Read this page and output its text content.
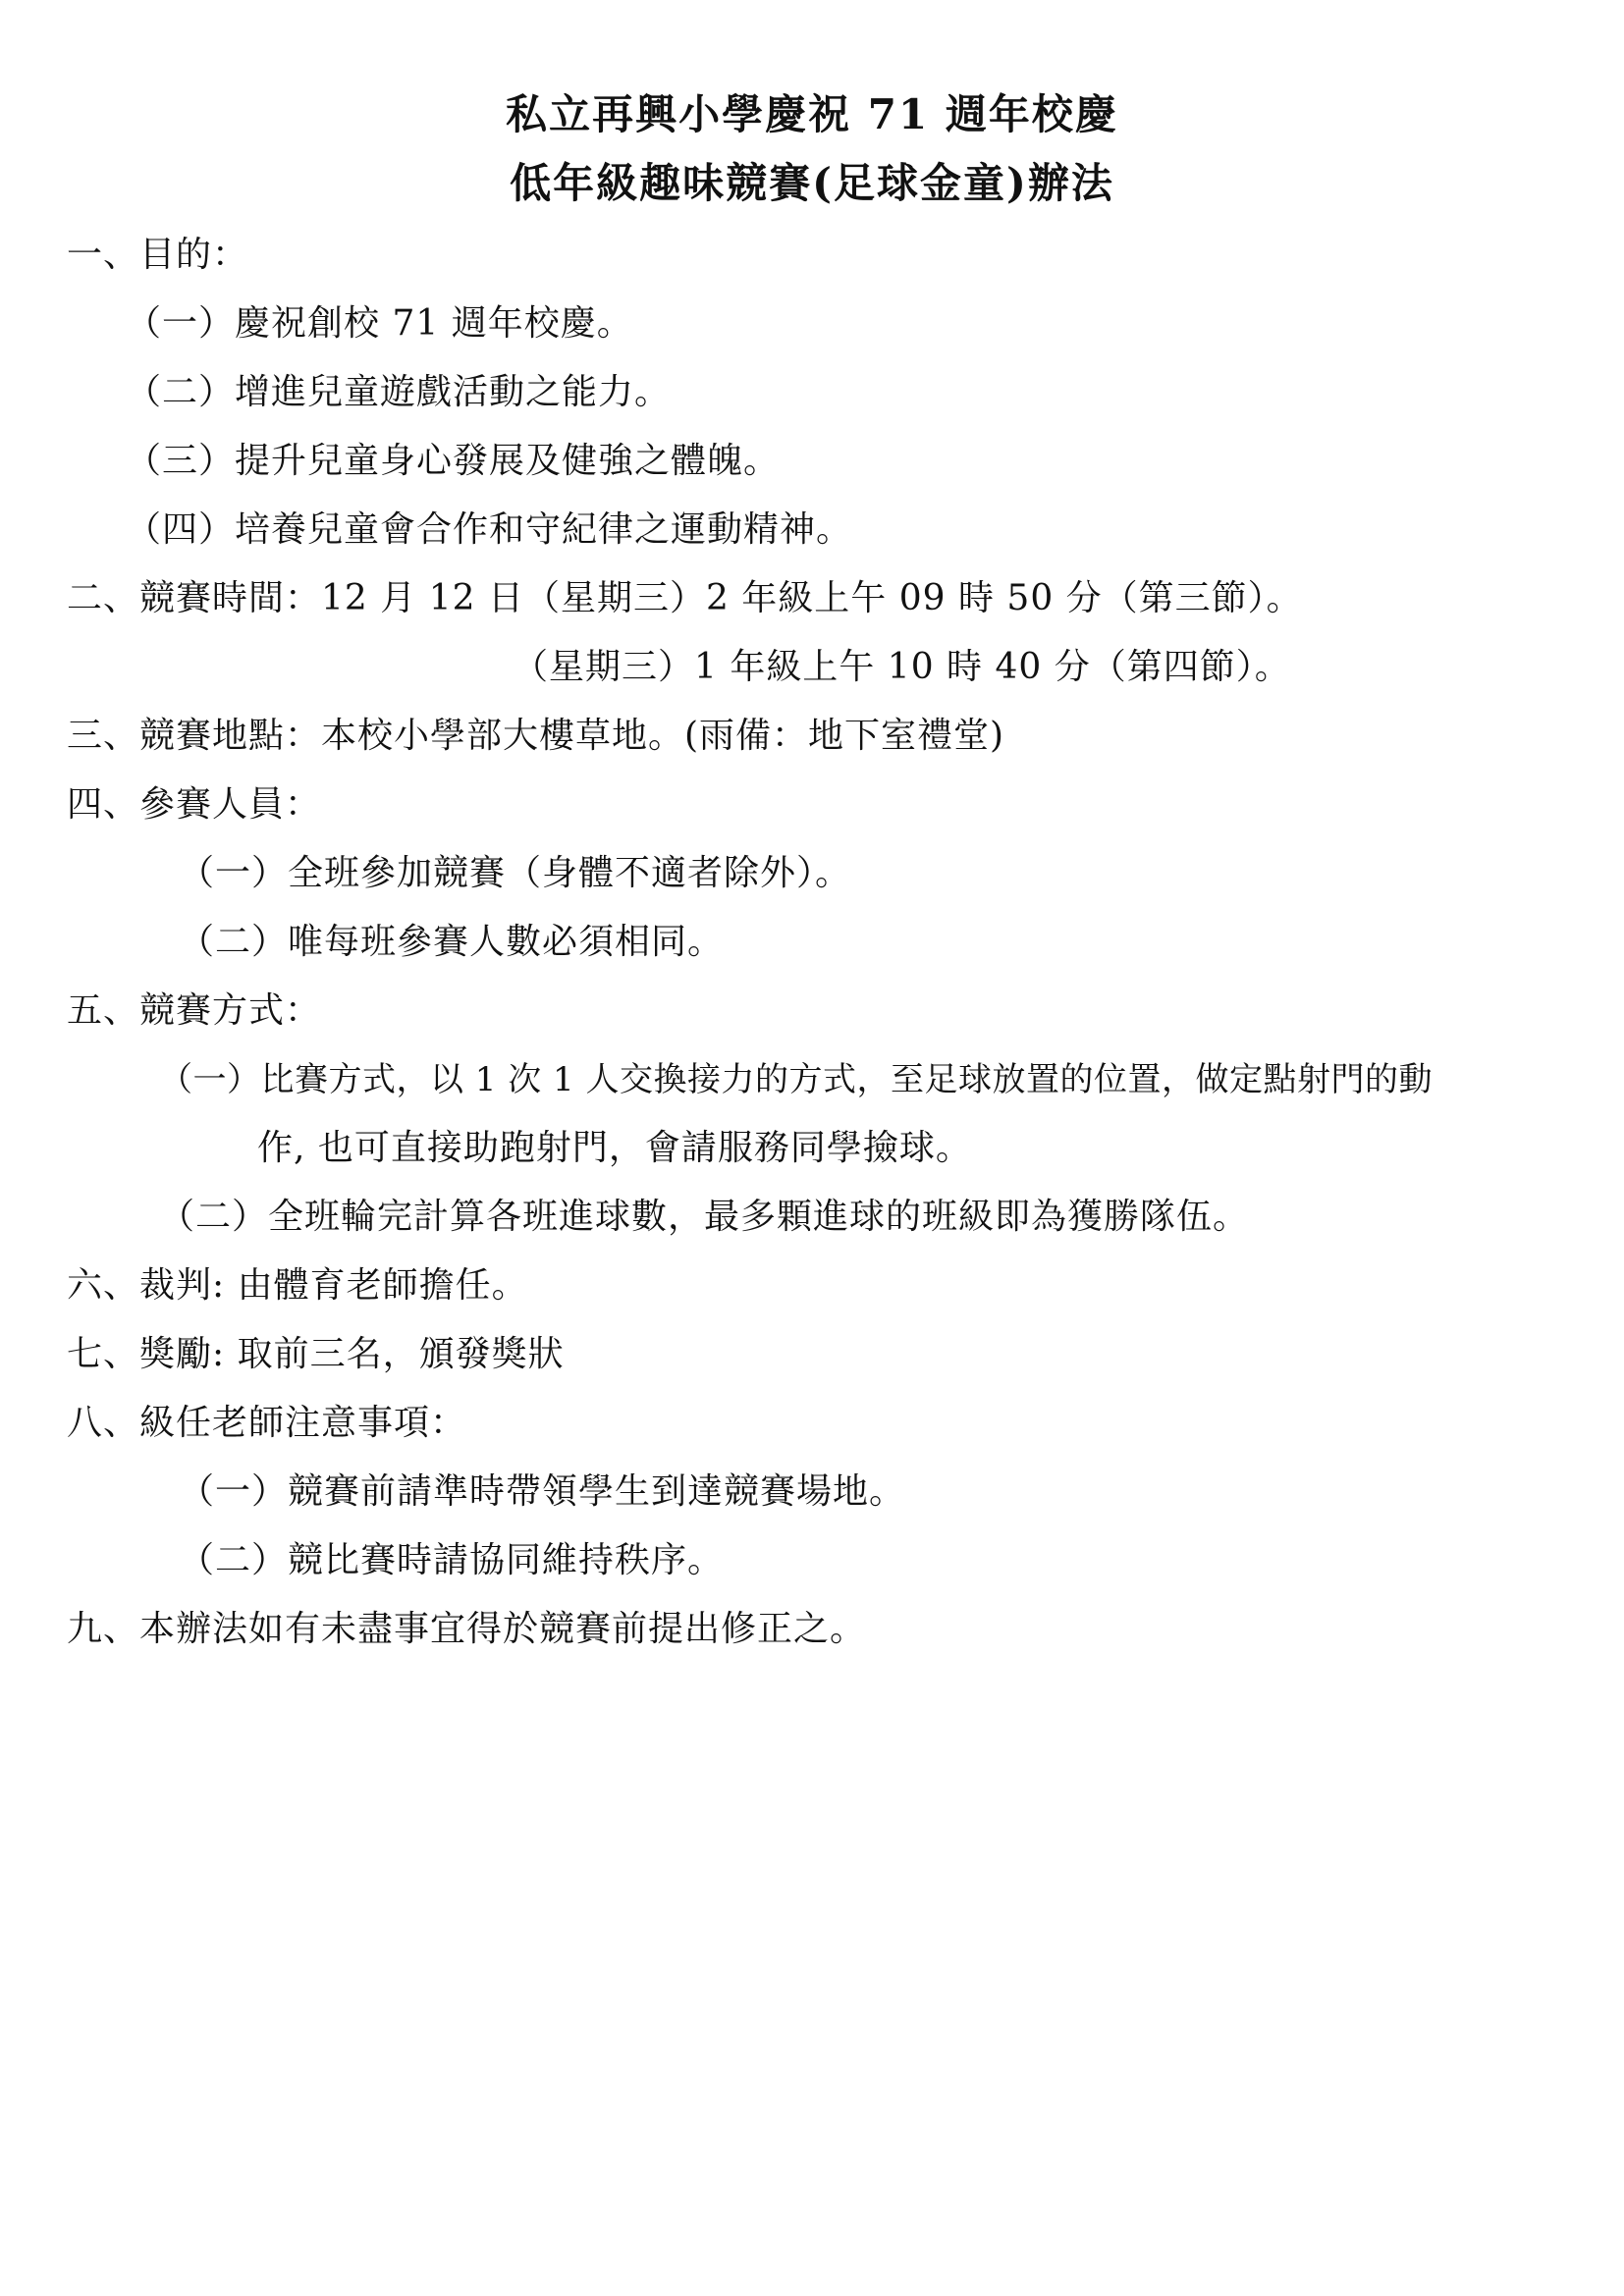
私立再興小學慶祝 71 週年校慶
低年級趣味競賽(足球金童)辦法
一、目的：
（一）慶祝創校 71 週年校慶。
（二）增進兒童遊戲活動之能力。
（三）提升兒童身心發展及健強之體魄。
（四）培養兒童會合作和守紀律之運動精神。
二、競賽時間：12 月 12 日（星期三）2 年級上午 09 時 50 分（第三節）。
（星期三）1 年級上午 10 時 40 分（第四節）。
三、競賽地點：本校小學部大樓草地。(雨備：地下室禮堂)
四、參賽人員：
（一）全班參加競賽（身體不適者除外）。
（二）唯每班參賽人數必須相同。
五、競賽方式：
（一）比賽方式，以 1 次 1 人交換接力的方式，至足球放置的位置，做定點射門的動
作, 也可直接助跑射門，會請服務同學撿球。
（二）全班輪完計算各班進球數，最多顆進球的班級即為獲勝隊伍。
六、裁判: 由體育老師擔任。
七、獎勵: 取前三名，頒發獎狀
八、級任老師注意事項：
（一）競賽前請準時帶領學生到達競賽場地。
（二）競比賽時請協同維持秩序。
九、本辦法如有未盡事宜得於競賽前提出修正之。
